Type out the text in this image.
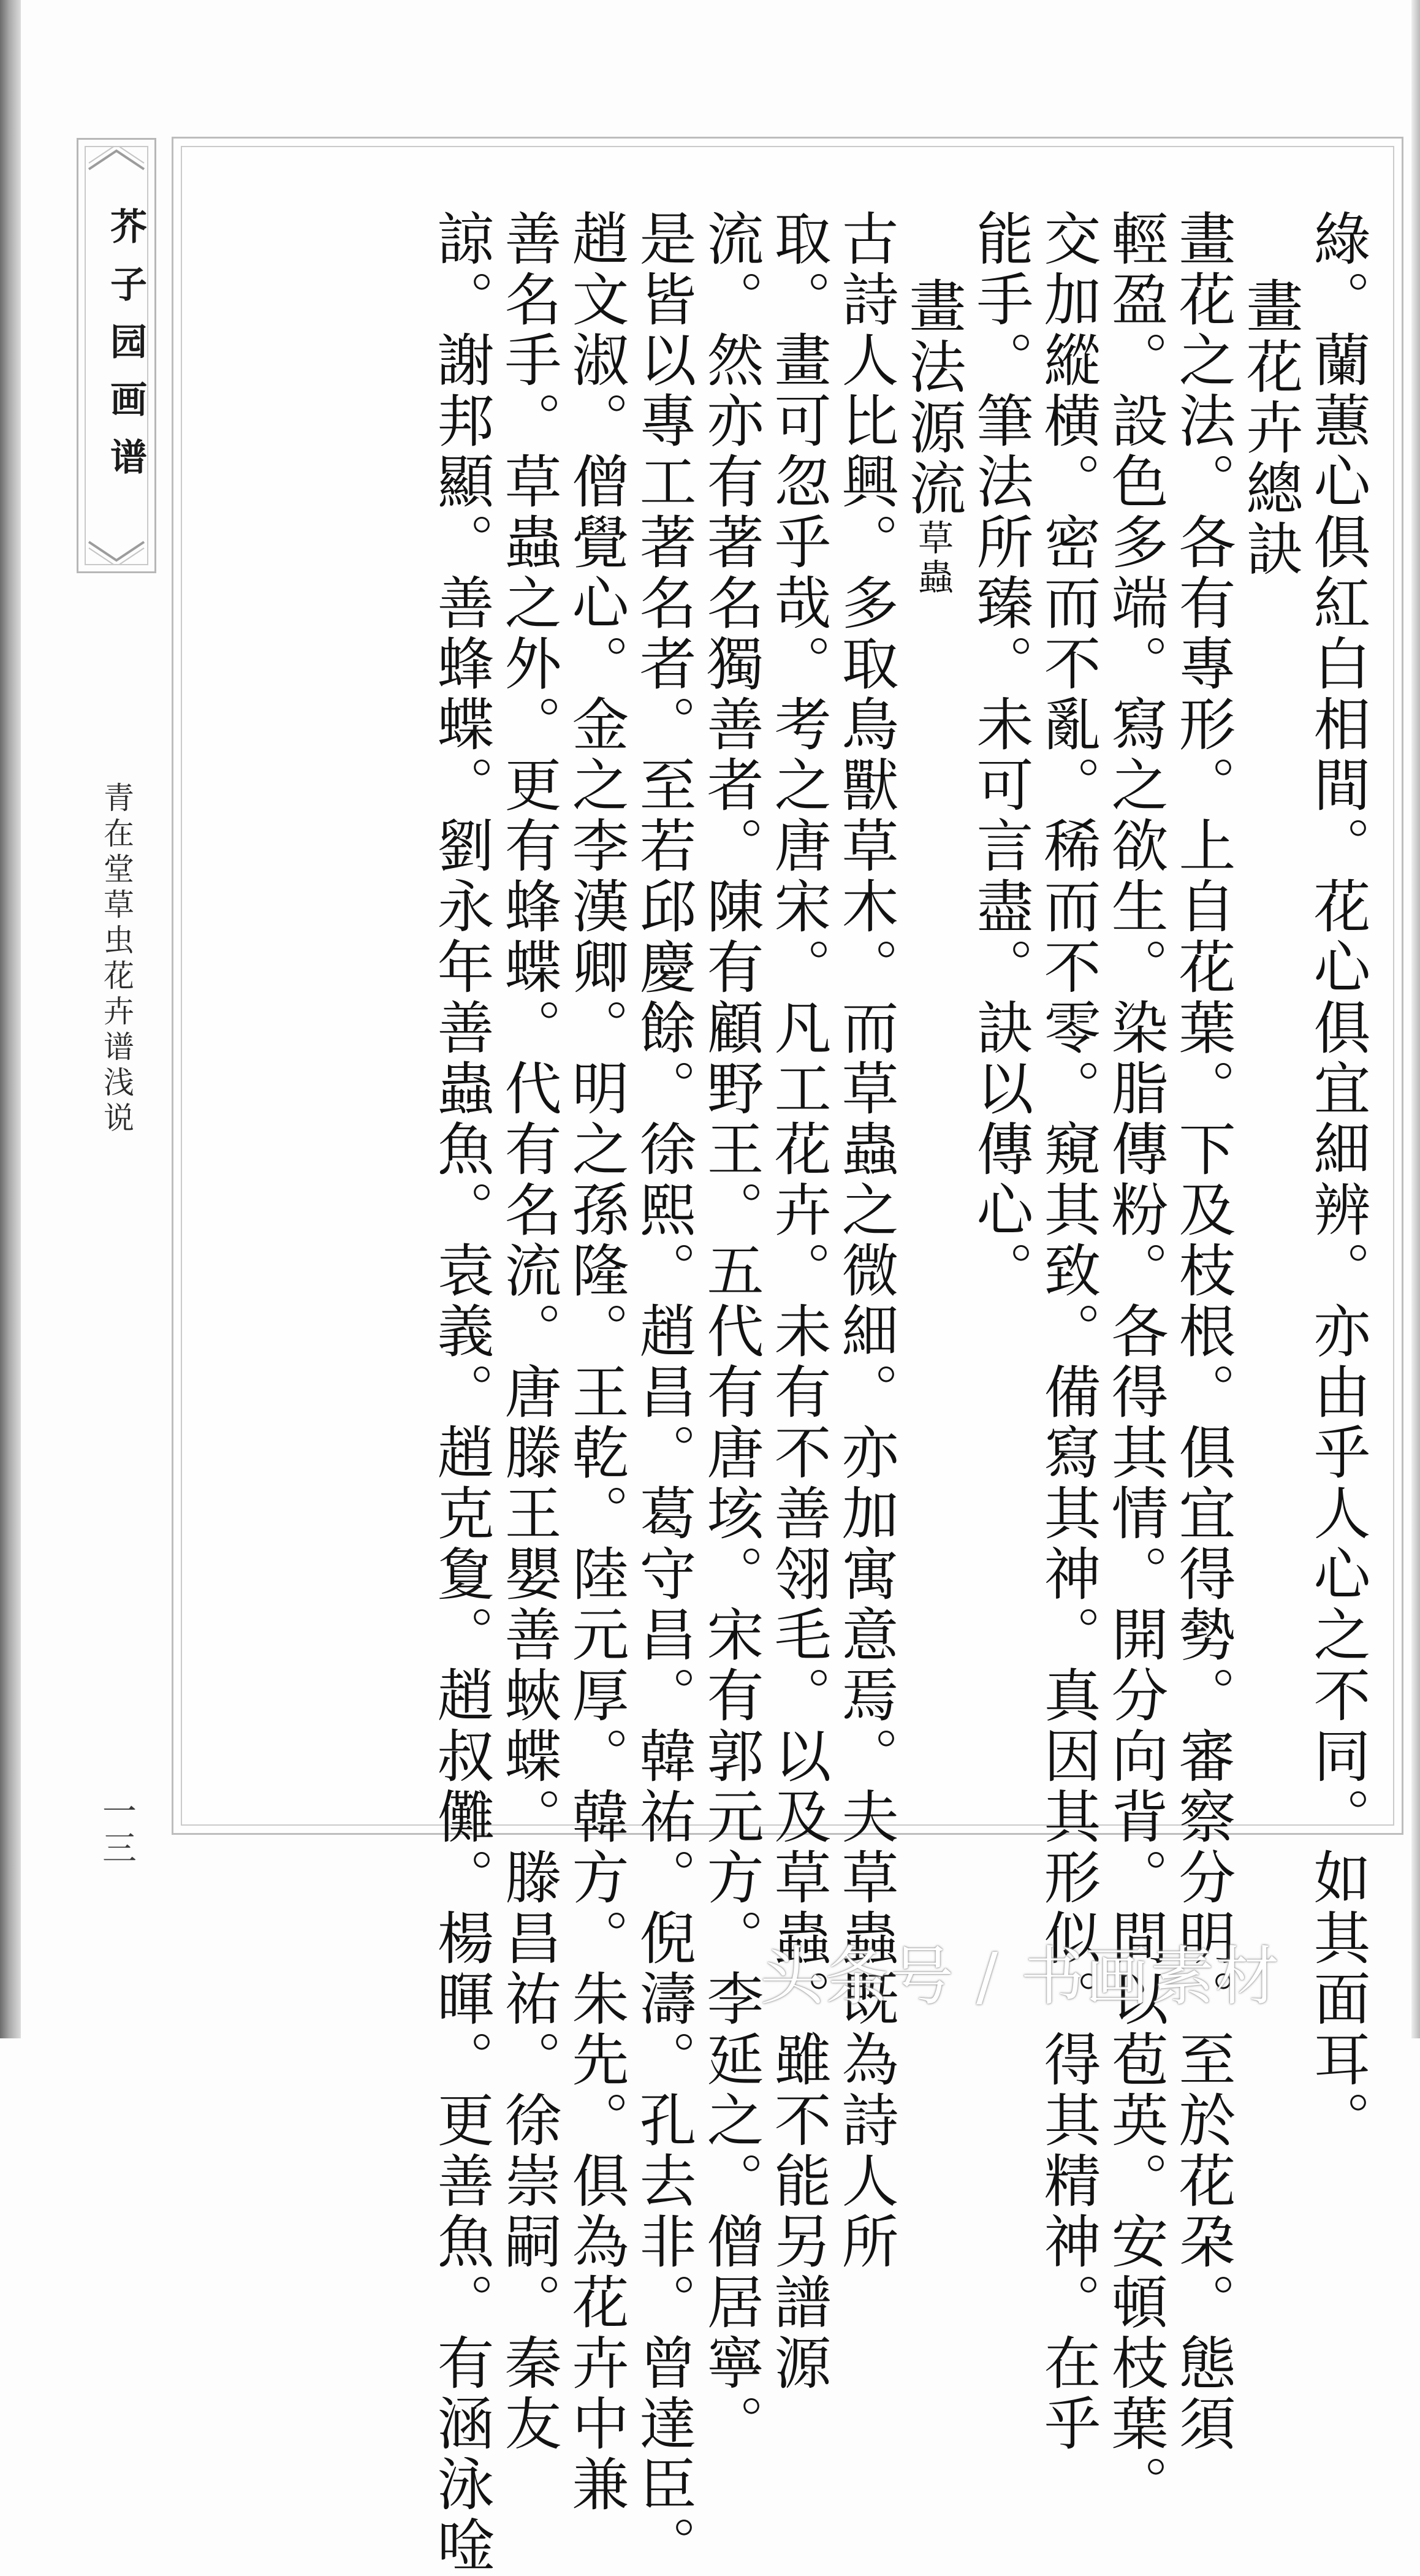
芥子园画谱
青在堂草虫花卉谱浅说
一三	綠。蘭蕙心俱紅白相間。花心俱宜細辨。亦由乎人心之不同。如其面耳。
畫花卉總訣
畫花之法。各有專形。上自花葉。下及枝根。俱宜得勢。審察分明。至於花朶。態須
輕盈。設色多端。寫之欲生。染脂傳粉。各得其情。開分向背。間以苞英。安頓枝葉。
交加縱横。密而不亂。稀而不零。窺其致。備寫其神。真因其形似。得其精神。在乎
能手。筆法所臻。未可言盡。訣以傳心。
畫法源流草蟲
古詩人比興。多取鳥獸草木。而草蟲之微細。亦加寓意焉。夫草蟲既為詩人所
取。畫可忽乎哉。考之唐宋。凡工花卉。未有不善翎毛。以及草蟲。雖不能另譜源
流。然亦有著名獨善者。陳有顧野王。五代有唐垓。宋有郭元方。李延之。僧居寧。
是皆以專工著名者。至若邱慶餘。徐熙。趙昌。葛守昌。韓祐。倪濤。孔去非。曾達臣。
趙文淑。僧覺心。金之李漢卿。明之孫隆。王乾。陸元厚。韓方。朱先。俱為花卉中兼
善名手。草蟲之外。更有蜂蝶。代有名流。唐滕王嬰善蛺蝶。滕昌祐。徐崇嗣。秦友
諒。謝邦顯。善蜂蝶。劉永年善蟲魚。袁義。趙克夐。趙叔儺。楊暉。更善魚。有涵泳唫	头条号 / 书画素材
